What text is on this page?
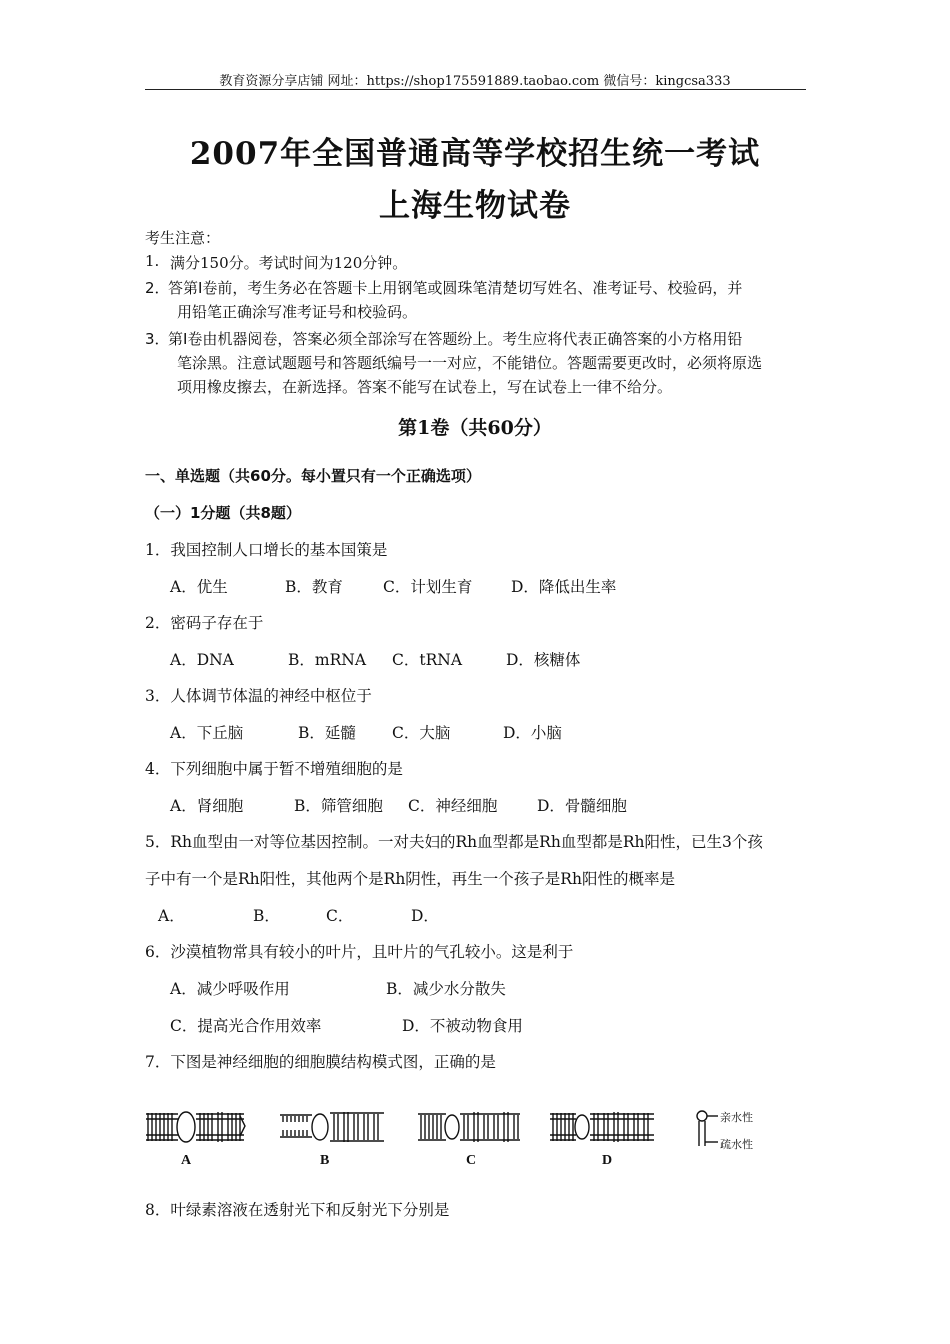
教育资源分享店铺 网址：https://shop175591889.taobao.com 微信号：kingcsa333
2007年全国普通高等学校招生统一考试
上海生物试卷
考生注意：
1. 满分150分。考试时间为120分钟。
2．
答第Ⅰ卷前，考生务必在答题卡上用钢笔或圆珠笔清楚切写姓名、准考证号、校验码，并
用铅笔正确涂写准考证号和校验码。
3．
第Ⅰ卷由机器阅卷，答案必须全部涂写在答题纷上。考生应将代表正确答案的小方格用铅
笔涂黑。注意试题题号和答题纸编号一一对应，不能错位。答题需要更改时，必须将原选
项用橡皮擦去，在新选择。答案不能写在试卷上，写在试卷上一律不给分。
第1卷（共60分）
一、单选题（共60分。每小置只有一个正确选项）
（一）1分题（共8题）
1．我国控制人口增长的基本国策是
A．优生	B．教育	C．计划生育 D．降低出生率
2．密码子存在于
A．DNA	B．mRNA C．tRNA	D．核糖体
3．人体调节体温的神经中枢位于
A．下丘脑	B．延髓 C．大脑	D．小脑
4．下列细胞中属于暂不增殖细胞的是
A．肾细胞	B．筛管细胞 C．神经细胞	D．骨髓细胞
5．Rh血型由一对等位基因控制。一对夫妇的Rh血型都是Rh血型都是Rh阳性，已生3个孩
子中有一个是Rh阳性，其他两个是Rh阴性，再生一个孩子是Rh阳性的概率是
A．	B．	C．	D．
6．沙漠植物常具有较小的叶片，且叶片的气孔较小。这是利于
A．减少呼吸作用	B．减少水分散失
C．提高光合作用效率	D．不被动物食用
7．下图是神经细胞的细胞膜结构模式图，正确的是
A	B	C	D
亲水性
疏水性
8．叶绿素溶液在透射光下和反射光下分别是
